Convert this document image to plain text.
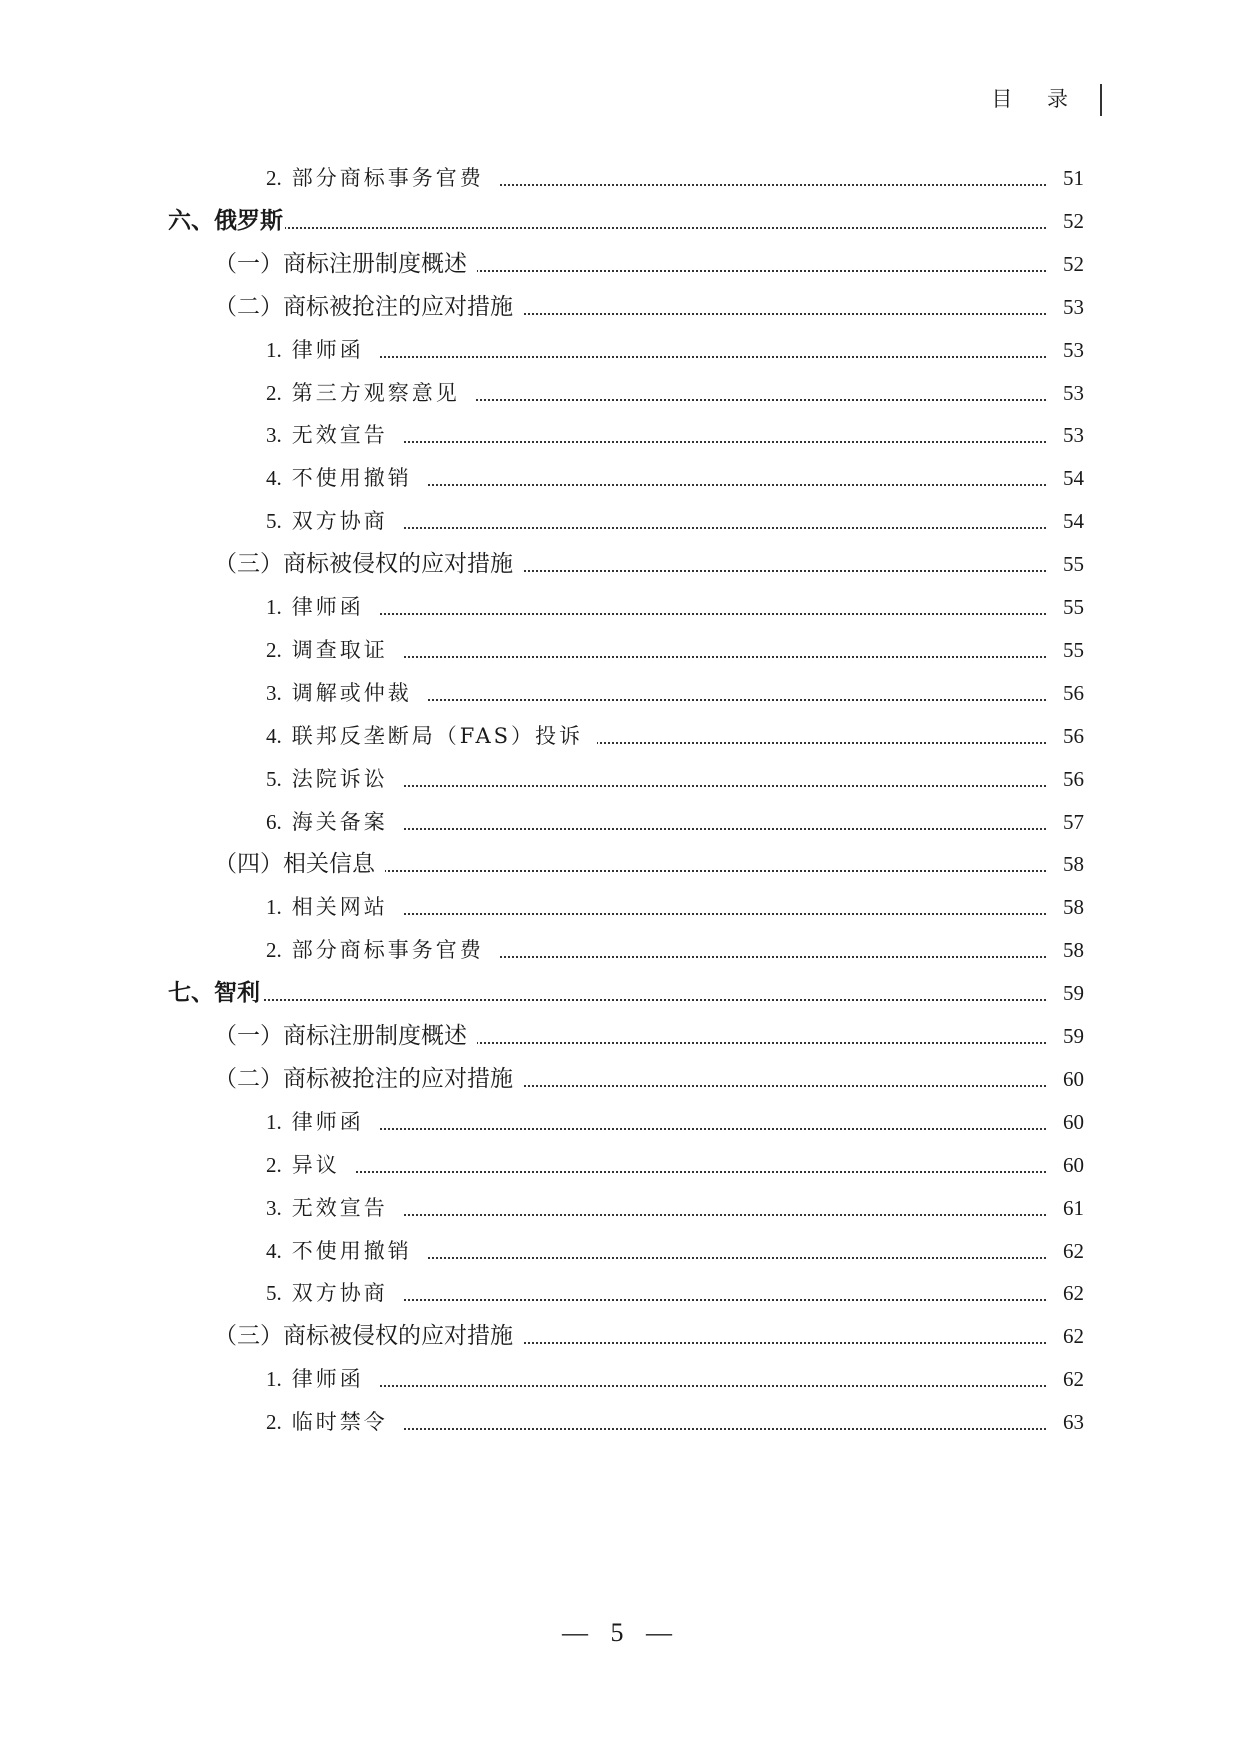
目 录
2. 部分商标事务官费	51
六、俄罗斯	52
（一）商标注册制度概述	52
（二）商标被抢注的应对措施	53
1. 律师函	53
2. 第三方观察意见	53
3. 无效宣告	53
4. 不使用撤销	54
5. 双方协商	54
（三）商标被侵权的应对措施	55
1. 律师函	55
2. 调查取证	55
3. 调解或仲裁	56
4. 联邦反垄断局（FAS）投诉	56
5. 法院诉讼	56
6. 海关备案	57
（四）相关信息	58
1. 相关网站	58
2. 部分商标事务官费	58
七、智利	59
（一）商标注册制度概述	59
（二）商标被抢注的应对措施	60
1. 律师函	60
2. 异议	60
3. 无效宣告	61
4. 不使用撤销	62
5. 双方协商	62
（三）商标被侵权的应对措施	62
1. 律师函	62
2. 临时禁令	63
— 5 —
